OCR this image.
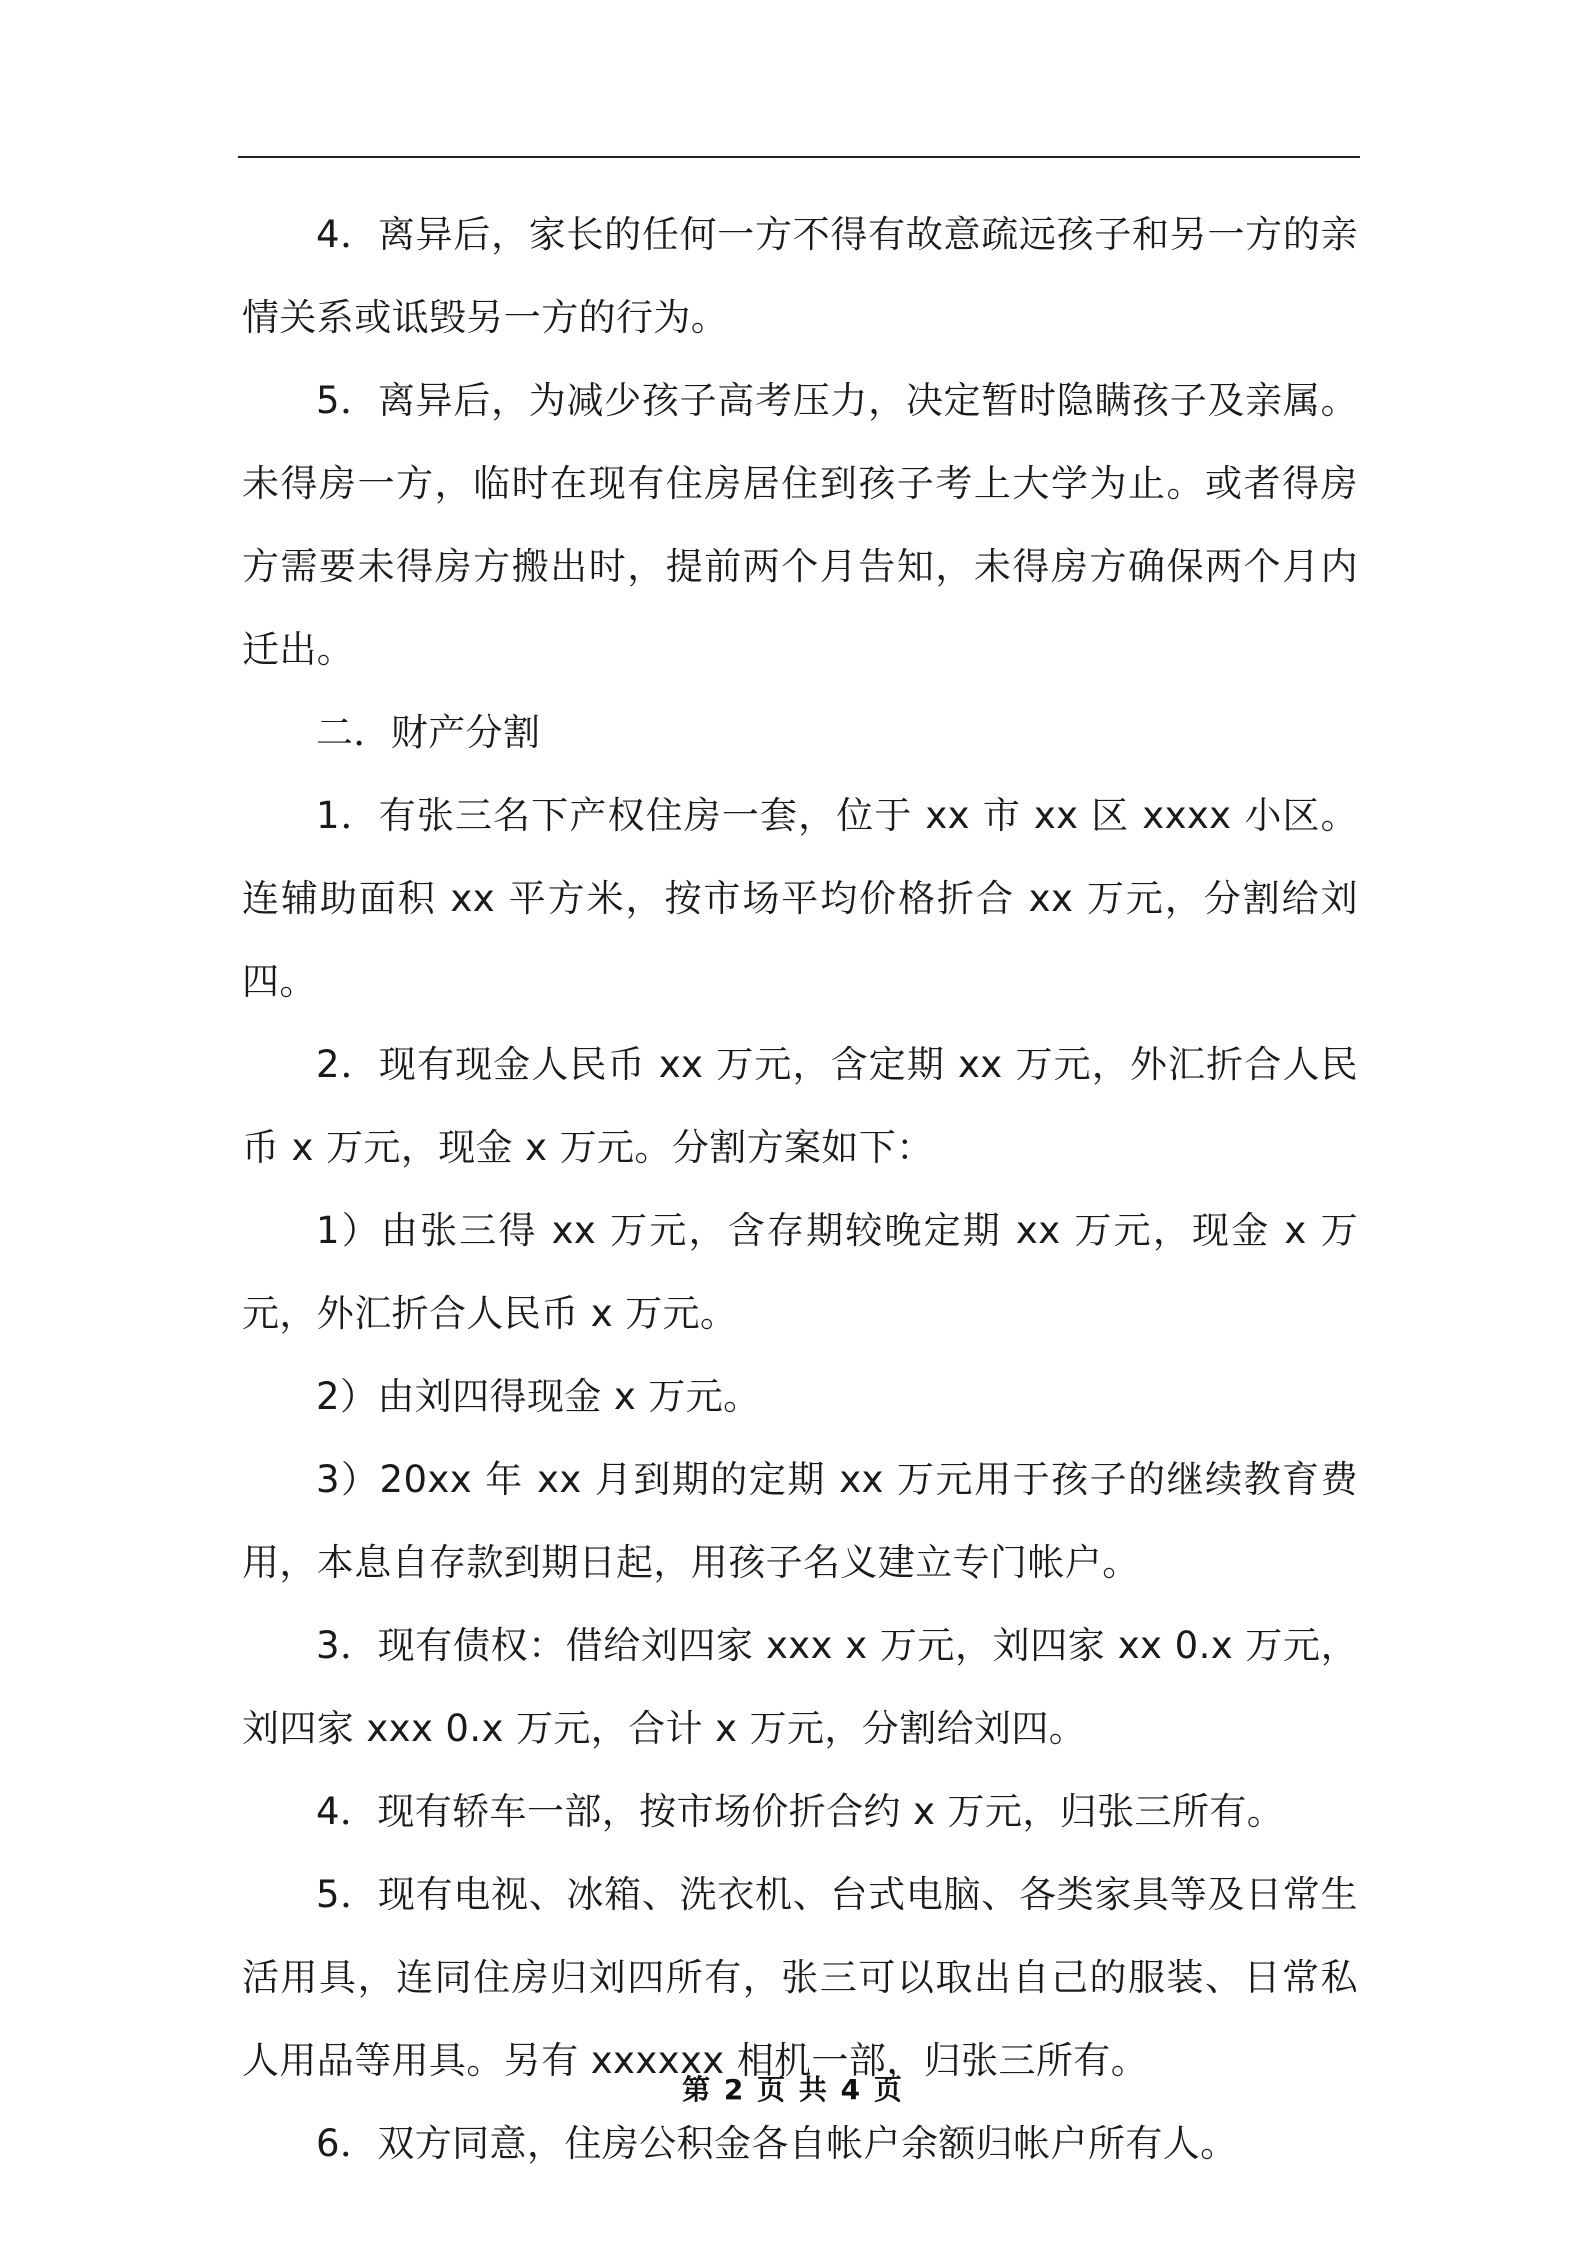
4．离异后，家长的任何一方不得有故意疏远孩子和另一方的亲情关系或诋毁另一方的行为。

5．离异后，为减少孩子高考压力，决定暂时隐瞒孩子及亲属。未得房一方，临时在现有住房居住到孩子考上大学为止。或者得房方需要未得房方搬出时，提前两个月告知，未得房方确保两个月内迁出。

二．财产分割

1．有张三名下产权住房一套，位于 xx 市 xx 区 xxxx 小区。连辅助面积 xx 平方米，按市场平均价格折合 xx 万元，分割给刘四。

2．现有现金人民币 xx 万元，含定期 xx 万元，外汇折合人民币 x 万元，现金 x 万元。分割方案如下：

1）由张三得 xx 万元，含存期较晚定期 xx 万元，现金 x 万元，外汇折合人民币 x 万元。

2）由刘四得现金 x 万元。

3）20xx 年 xx 月到期的定期 xx 万元用于孩子的继续教育费用，本息自存款到期日起，用孩子名义建立专门帐户。

3．现有债权：借给刘四家 xxx x 万元，刘四家 xx 0.x 万元，刘四家 xxx 0.x 万元，合计 x 万元，分割给刘四。

4．现有轿车一部，按市场价折合约 x 万元，归张三所有。

5．现有电视、冰箱、洗衣机、台式电脑、各类家具等及日常生活用具，连同住房归刘四所有，张三可以取出自己的服装、日常私人用品等用具。另有 xxxxxx 相机一部，归张三所有。

6．双方同意，住房公积金各自帐户余额归帐户所有人。

第 2 页 共 4 页
